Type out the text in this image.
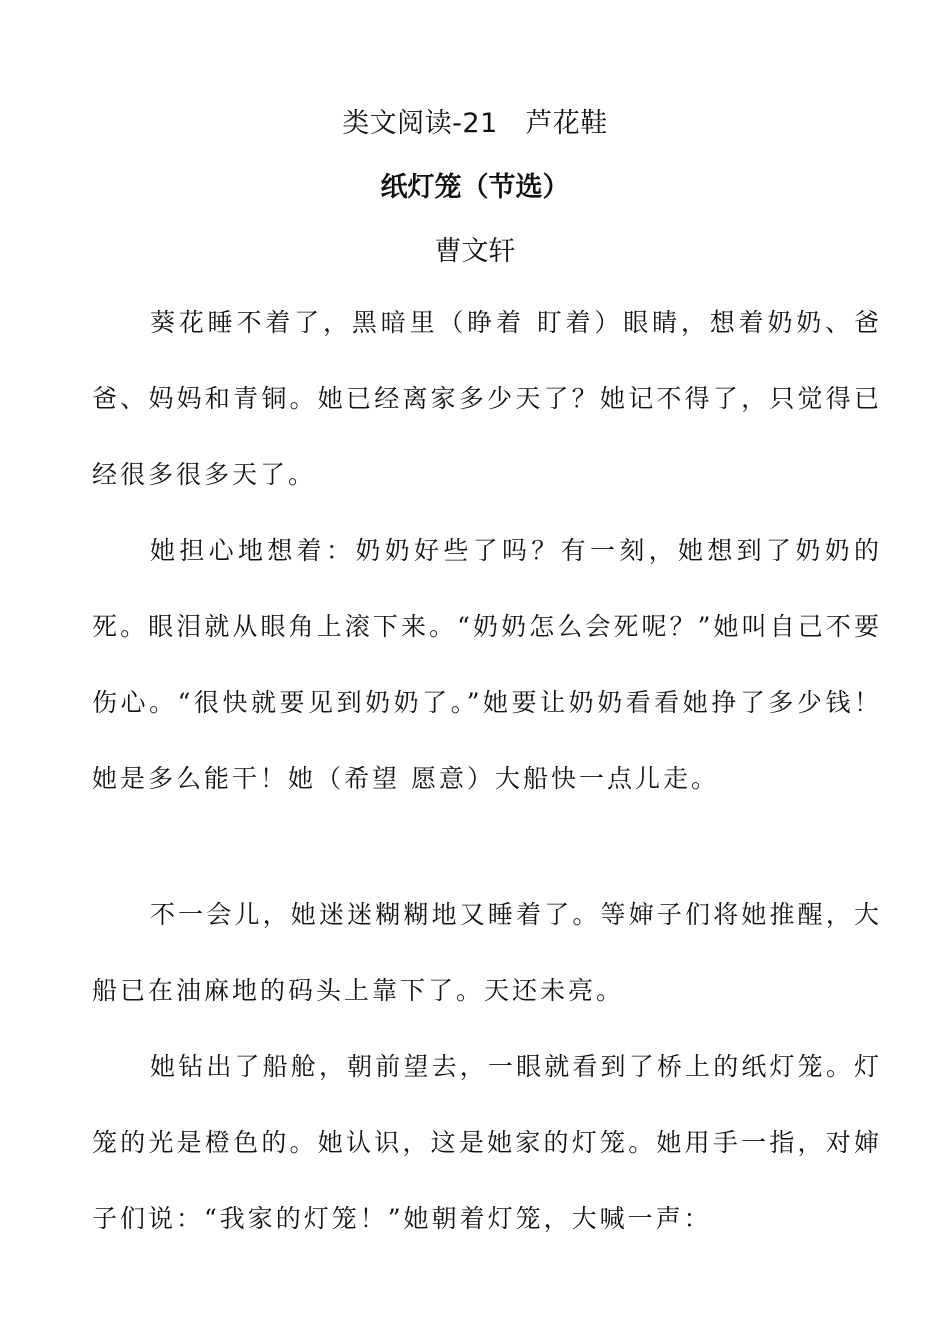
类文阅读-21　芦花鞋
纸灯笼（节选）
曹文轩

葵花睡不着了，黑暗里（睁着 盯着）眼睛，想着奶奶、爸爸、妈妈和青铜。她已经离家多少天了？她记不得了，只觉得已经很多很多天了。

她担心地想着：奶奶好些了吗？有一刻，她想到了奶奶的死。眼泪就从眼角上滚下来。“奶奶怎么会死呢？”她叫自己不要伤心。“很快就要见到奶奶了。”她要让奶奶看看她挣了多少钱！她是多么能干！她（希望 愿意）大船快一点儿走。

不一会儿，她迷迷糊糊地又睡着了。等婶子们将她推醒，大船已在油麻地的码头上靠下了。天还未亮。

她钻出了船舱，朝前望去，一眼就看到了桥上的纸灯笼。灯笼的光是橙色的。她认识，这是她家的灯笼。她用手一指，对婶子们说：“我家的灯笼！”她朝着灯笼，大喊一声：
